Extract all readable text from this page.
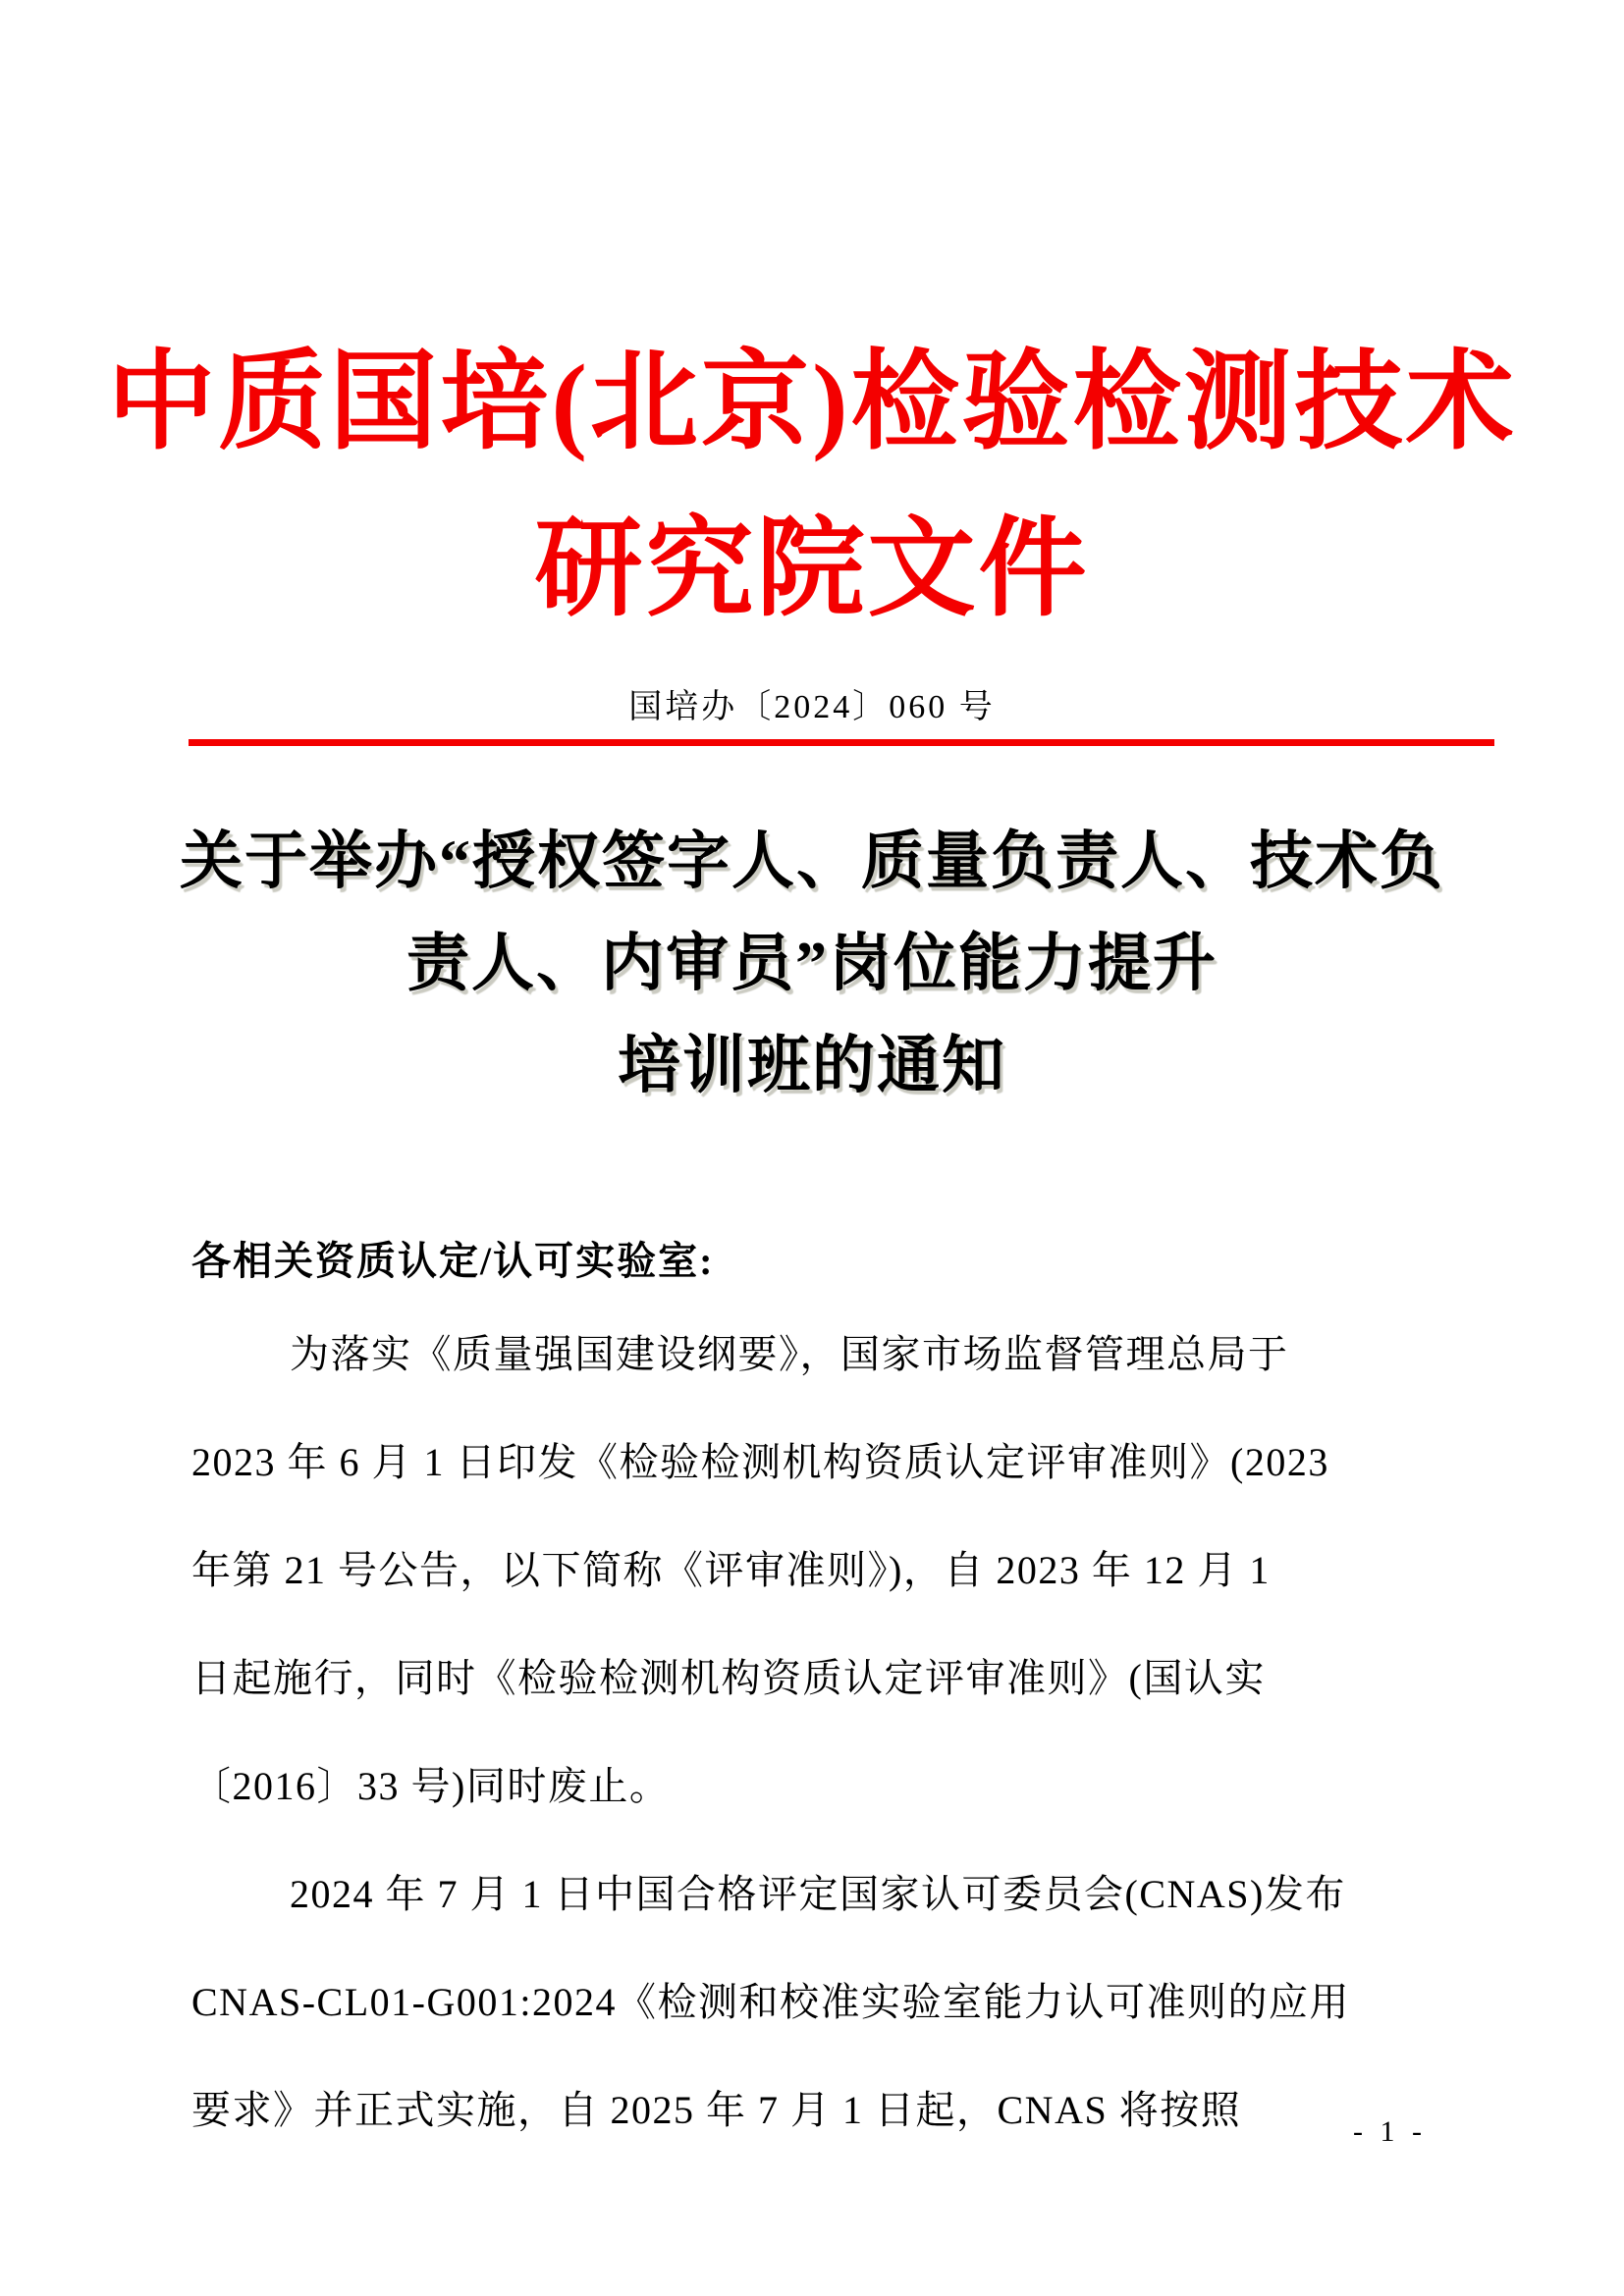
中质国培(北京)检验检测技术
研究院文件
国培办〔2024〕060 号
关于举办“授权签字人、质量负责人、技术负
责人、内审员”岗位能力提升
培训班的通知
各相关资质认定/认可实验室:
为落实《质量强国建设纲要》，国家市场监督管理总局于
2023 年 6 月 1 日印发《检验检测机构资质认定评审准则》(2023
年第 21 号公告，以下简称《评审准则》)，自 2023 年 12 月 1
日起施行，同时《检验检测机构资质认定评审准则》(国认实
〔2016〕33 号)同时废止。
2024 年 7 月 1 日中国合格评定国家认可委员会(CNAS)发布
CNAS-CL01-G001:2024《检测和校准实验室能力认可准则的应用
要求》并正式实施，自 2025 年 7 月 1 日起，CNAS 将按照	- 1 -
